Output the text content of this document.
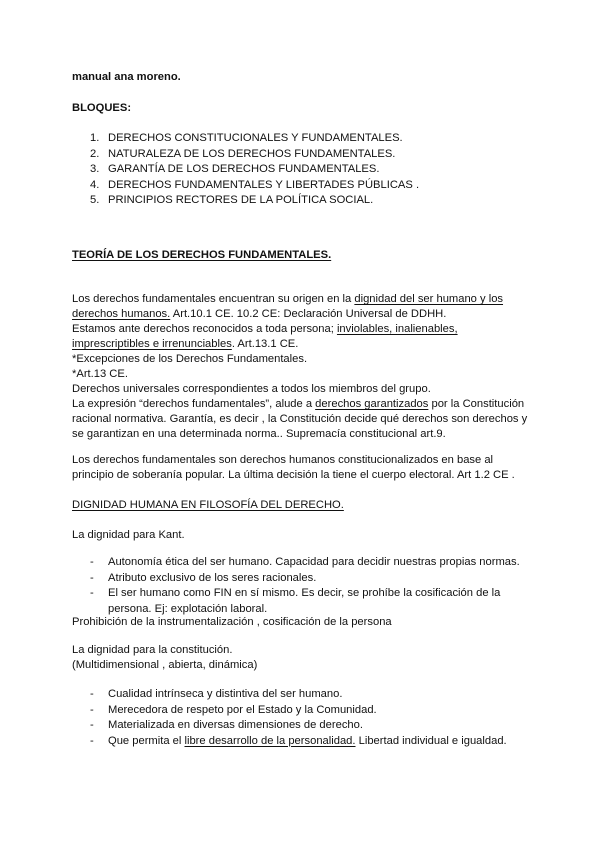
manual ana moreno.
BLOQUES:
1. DERECHOS CONSTITUCIONALES Y FUNDAMENTALES.
2. NATURALEZA DE LOS DERECHOS FUNDAMENTALES.
3. GARANTÍA DE LOS DERECHOS FUNDAMENTALES.
4. DERECHOS FUNDAMENTALES Y LIBERTADES PÚBLICAS .
5. PRINCIPIOS RECTORES DE LA POLÍTICA SOCIAL.
TEORÍA DE LOS DERECHOS FUNDAMENTALES.
Los derechos fundamentales encuentran su origen en la dignidad del ser humano y los
derechos humanos. Art.10.1 CE. 10.2 CE: Declaración Universal de DDHH.
Estamos ante derechos reconocidos a toda persona; inviolables, inalienables,
imprescriptibles e irrenunciables. Art.13.1 CE.
*Excepciones de los Derechos Fundamentales.
*Art.13 CE.
Derechos universales correspondientes a todos los miembros del grupo.
La expresión “derechos fundamentales”, alude a derechos garantizados por la Constitución
racional normativa. Garantía, es decir , la Constitución decide qué derechos son derechos y
se garantizan en una determinada norma.. Supremacía constitucional art.9.
Los derechos fundamentales son derechos humanos constitucionalizados en base al
principio de soberanía popular. La última decisión la tiene el cuerpo electoral. Art 1.2 CE .
DIGNIDAD HUMANA EN FILOSOFÍA DEL DERECHO.
La dignidad para Kant.
- Autonomía ética del ser humano. Capacidad para decidir nuestras propias normas.
- Atributo exclusivo de los seres racionales.
- El ser humano como FIN en sí mismo. Es decir, se prohíbe la cosificación de la
persona. Ej: explotación laboral.
Prohibición de la instrumentalización , cosificación de la persona
La dignidad para la constitución.
(Multidimensional , abierta, dinámica)
- Cualidad intrínseca y distintiva del ser humano.
- Merecedora de respeto por el Estado y la Comunidad.
- Materializada en diversas dimensiones de derecho.
- Que permita el libre desarrollo de la personalidad. Libertad individual e igualdad.
